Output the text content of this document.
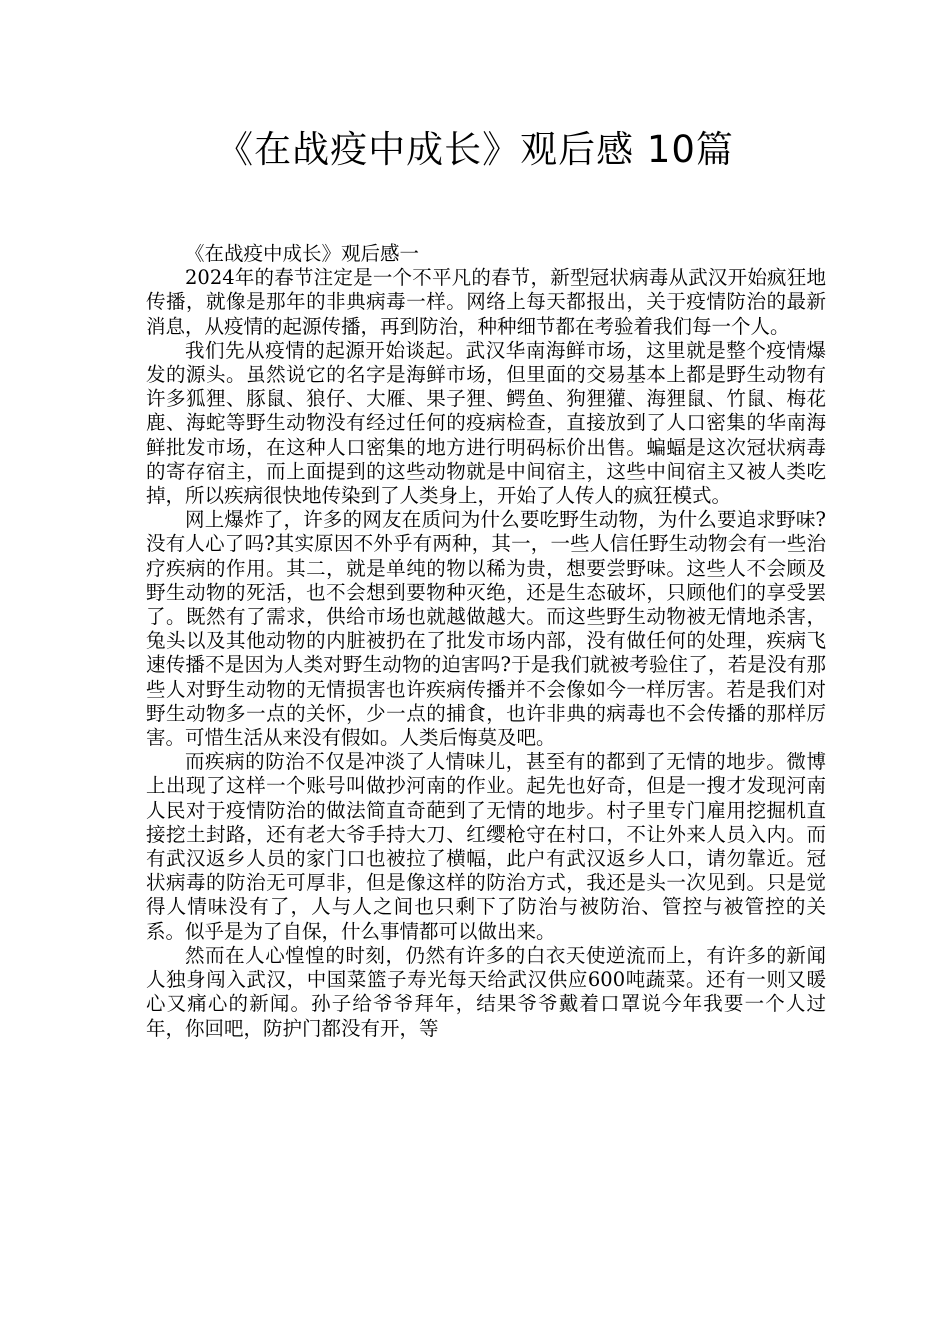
《在战疫中成长》观后感 10篇

《在战疫中成长》观后感一

2024年的春节注定是一个不平凡的春节，新型冠状病毒从武汉开始疯狂地传播，就像是那年的非典病毒一样。网络上每天都报出，关于疫情防治的最新消息，从疫情的起源传播，再到防治，种种细节都在考验着我们每一个人。

我们先从疫情的起源开始谈起。武汉华南海鲜市场，这里就是整个疫情爆发的源头。虽然说它的名字是海鲜市场，但里面的交易基本上都是野生动物有许多狐狸、豚鼠、狼仔、大雁、果子狸、鳄鱼、狗狸獾、海狸鼠、竹鼠、梅花鹿、海蛇等野生动物没有经过任何的疫病检查，直接放到了人口密集的华南海鲜批发市场，在这种人口密集的地方进行明码标价出售。蝙蝠是这次冠状病毒的寄存宿主，而上面提到的这些动物就是中间宿主，这些中间宿主又被人类吃掉，所以疾病很快地传染到了人类身上，开始了人传人的疯狂模式。

网上爆炸了，许多的网友在质问为什么要吃野生动物，为什么要追求野味?没有人心了吗?其实原因不外乎有两种，其一，一些人信任野生动物会有一些治疗疾病的作用。其二，就是单纯的物以稀为贵，想要尝野味。这些人不会顾及野生动物的死活，也不会想到要物种灭绝，还是生态破坏，只顾他们的享受罢了。既然有了需求，供给市场也就越做越大。而这些野生动物被无情地杀害，兔头以及其他动物的内脏被扔在了批发市场内部，没有做任何的处理，疾病飞速传播不是因为人类对野生动物的迫害吗?于是我们就被考验住了，若是没有那些人对野生动物的无情损害也许疾病传播并不会像如今一样厉害。若是我们对野生动物多一点的关怀，少一点的捕食，也许非典的病毒也不会传播的那样厉害。可惜生活从来没有假如。人类后悔莫及吧。

而疾病的防治不仅是冲淡了人情味儿，甚至有的都到了无情的地步。微博上出现了这样一个账号叫做抄河南的作业。起先也好奇，但是一搜才发现河南人民对于疫情防治的做法简直奇葩到了无情的地步。村子里专门雇用挖掘机直接挖土封路，还有老大爷手持大刀、红缨枪守在村口，不让外来人员入内。而有武汉返乡人员的家门口也被拉了横幅，此户有武汉返乡人口，请勿靠近。冠状病毒的防治无可厚非，但是像这样的防治方式，我还是头一次见到。只是觉得人情味没有了，人与人之间也只剩下了防治与被防治、管控与被管控的关系。似乎是为了自保，什么事情都可以做出来。

然而在人心惶惶的时刻，仍然有许多的白衣天使逆流而上，有许多的新闻人独身闯入武汉，中国菜篮子寿光每天给武汉供应600吨蔬菜。还有一则又暖心又痛心的新闻。孙子给爷爷拜年，结果爷爷戴着口罩说今年我要一个人过年，你回吧，防护门都没有开，等
